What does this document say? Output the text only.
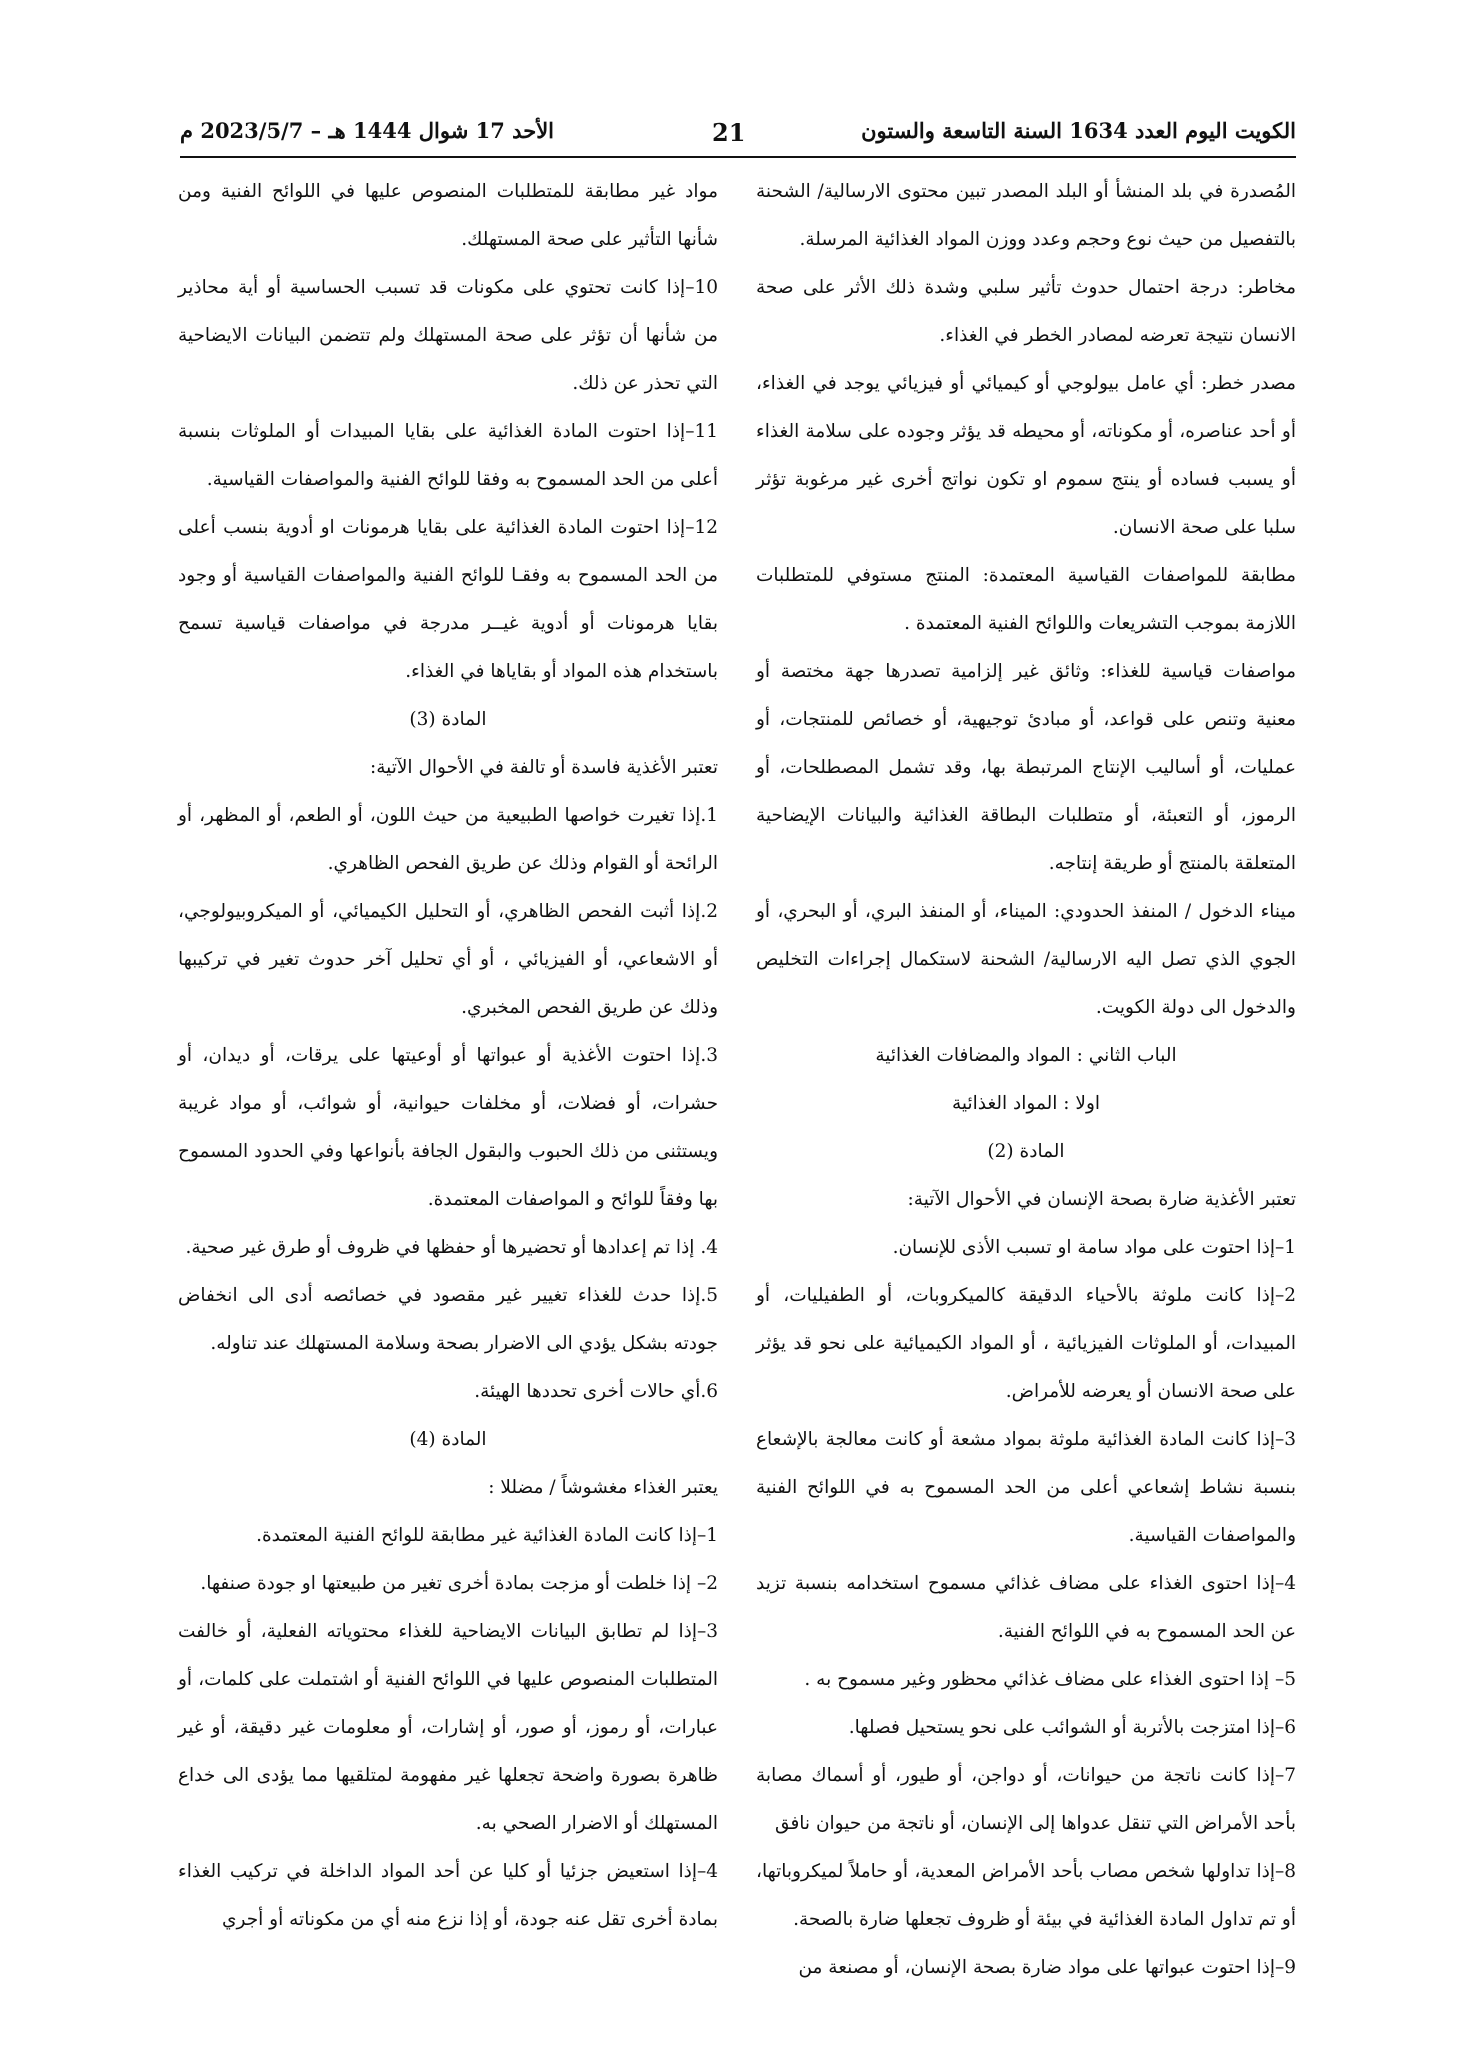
الكويت اليوم العدد 1634 السنة التاسعة والستون
21
الأحد 17 شوال 1444 هـ – 2023/5/7 م

المُصدرة في بلد المنشأ أو البلد المصدر تبين محتوى الارسالية/ الشحنة بالتفصيل من حيث نوع وحجم وعدد ووزن المواد الغذائية المرسلة.

مخاطر: درجة احتمال حدوث تأثير سلبي وشدة ذلك الأثر على صحة الانسان نتيجة تعرضه لمصادر الخطر في الغذاء.

مصدر خطر: أي عامل بيولوجي أو كيميائي أو فيزيائي يوجد في الغذاء، أو أحد عناصره، أو مكوناته، أو محيطه قد يؤثر وجوده على سلامة الغذاء أو يسبب فساده أو ينتج سموم او تكون نواتج أخرى غير مرغوبة تؤثر سلبا على صحة الانسان.

مطابقة للمواصفات القياسية المعتمدة: المنتج مستوفي للمتطلبات اللازمة بموجب التشريعات واللوائح الفنية المعتمدة .

مواصفات قياسية للغذاء: وثائق غير إلزامية تصدرها جهة مختصة أو معنية وتنص على قواعد، أو مبادئ توجيهية، أو خصائص للمنتجات، أو عمليات، أو أساليب الإنتاج المرتبطة بها، وقد تشمل المصطلحات، أو الرموز، أو التعبئة، أو متطلبات البطاقة الغذائية والبيانات الإيضاحية المتعلقة بالمنتج أو طريقة إنتاجه.

ميناء الدخول / المنفذ الحدودي: الميناء، أو المنفذ البري، أو البحري، أو الجوي الذي تصل اليه الارسالية/ الشحنة لاستكمال إجراءات التخليص والدخول الى دولة الكويت.

الباب الثاني : المواد والمضافات الغذائية

اولا : المواد الغذائية

المادة (2)

تعتبر الأغذية ضارة بصحة الإنسان في الأحوال الآتية:

1–إذا احتوت على مواد سامة او تسبب الأذى للإنسان.

2–إذا كانت ملوثة بالأحياء الدقيقة كالميكروبات، أو الطفيليات، أو المبيدات، أو الملوثات الفيزيائية ، أو المواد الكيميائية على نحو قد يؤثر على صحة الانسان أو يعرضه للأمراض.

3–إذا كانت المادة الغذائية ملوثة بمواد مشعة أو كانت معالجة بالإشعاع بنسبة نشاط إشعاعي أعلى من الحد المسموح به في اللوائح الفنية والمواصفات القياسية.

4–إذا احتوى الغذاء على مضاف غذائي مسموح استخدامه بنسبة تزيد عن الحد المسموح به في اللوائح الفنية.

5– إذا احتوى الغذاء على مضاف غذائي محظور وغير مسموح به .

6–إذا امتزجت بالأتربة أو الشوائب على نحو يستحيل فصلها.

7–إذا كانت ناتجة من حيوانات، أو دواجن، أو طيور، أو أسماك مصابة بأحد الأمراض التي تنقل عدواها إلى الإنسان، أو ناتجة من حيوان نافق

8–إذا تداولها شخص مصاب بأحد الأمراض المعدية، أو حاملاً لميكروباتها، أو تم تداول المادة الغذائية في بيئة أو ظروف تجعلها ضارة بالصحة.

9–إذا احتوت عبواتها على مواد ضارة بصحة الإنسان، أو مصنعة من

مواد غير مطابقة للمتطلبات المنصوص عليها في اللوائح الفنية ومن شأنها التأثير على صحة المستهلك.

10–إذا كانت تحتوي على مكونات قد تسبب الحساسية أو أية محاذير من شأنها أن تؤثر على صحة المستهلك ولم تتضمن البيانات الايضاحية التي تحذر عن ذلك.

11–إذا احتوت المادة الغذائية على بقايا المبيدات أو الملوثات بنسبة أعلى من الحد المسموح به وفقا للوائح الفنية والمواصفات القياسية.

12–إذا احتوت المادة الغذائية على بقايا هرمونات او أدوية بنسب أعلى من الحد المسموح به وفقـا للوائح الفنية والمواصفات القياسية أو وجود بقايا هرمونات أو أدوية غيــر مدرجة في مواصفات قياسية تسمح باستخدام هذه المواد أو بقاياها في الغذاء.

المادة (3)

تعتبر الأغذية فاسدة أو تالفة في الأحوال الآتية:

1.إذا تغيرت خواصها الطبيعية من حيث اللون، أو الطعم، أو المظهر، أو الرائحة أو القوام وذلك عن طريق الفحص الظاهري.

2.إذا أثبت الفحص الظاهري، أو التحليل الكيميائي، أو الميكروبيولوجي، أو الاشعاعي، أو الفيزيائي ، أو أي تحليل آخر حدوث تغير في تركيبها وذلك عن طريق الفحص المخبري.

3.إذا احتوت الأغذية أو عبواتها أو أوعيتها على يرقات، أو ديدان، أو حشرات، أو فضلات، أو مخلفات حيوانية، أو شوائب، أو مواد غريبة ويستثنى من ذلك الحبوب والبقول الجافة بأنواعها وفي الحدود المسموح بها وفقاً للوائح و المواصفات المعتمدة.

4. إذا تم إعدادها أو تحضيرها أو حفظها في ظروف أو طرق غير صحية.

5.إذا حدث للغذاء تغيير غير مقصود في خصائصه أدى الى انخفاض جودته بشكل يؤدي الى الاضرار بصحة وسلامة المستهلك عند تناوله.

6.أي حالات أخرى تحددها الهيئة.

المادة (4)

يعتبر الغذاء مغشوشاً / مضللا :

1–إذا كانت المادة الغذائية غير مطابقة للوائح الفنية المعتمدة.

2– إذا خلطت أو مزجت بمادة أخرى تغير من طبيعتها او جودة صنفها.

3–إذا لم تطابق البيانات الايضاحية للغذاء محتوياته الفعلية، أو خالفت المتطلبات المنصوص عليها في اللوائح الفنية أو اشتملت على كلمات، أو عبارات، أو رموز، أو صور، أو إشارات، أو معلومات غير دقيقة، أو غير ظاهرة بصورة واضحة تجعلها غير مفهومة لمتلقيها مما يؤدى الى خداع المستهلك أو الاضرار الصحي به.

4–إذا استعيض جزئيا أو كليا عن أحد المواد الداخلة في تركيب الغذاء بمادة أخرى تقل عنه جودة، أو إذا نزع منه أي من مكوناته أو أجري
